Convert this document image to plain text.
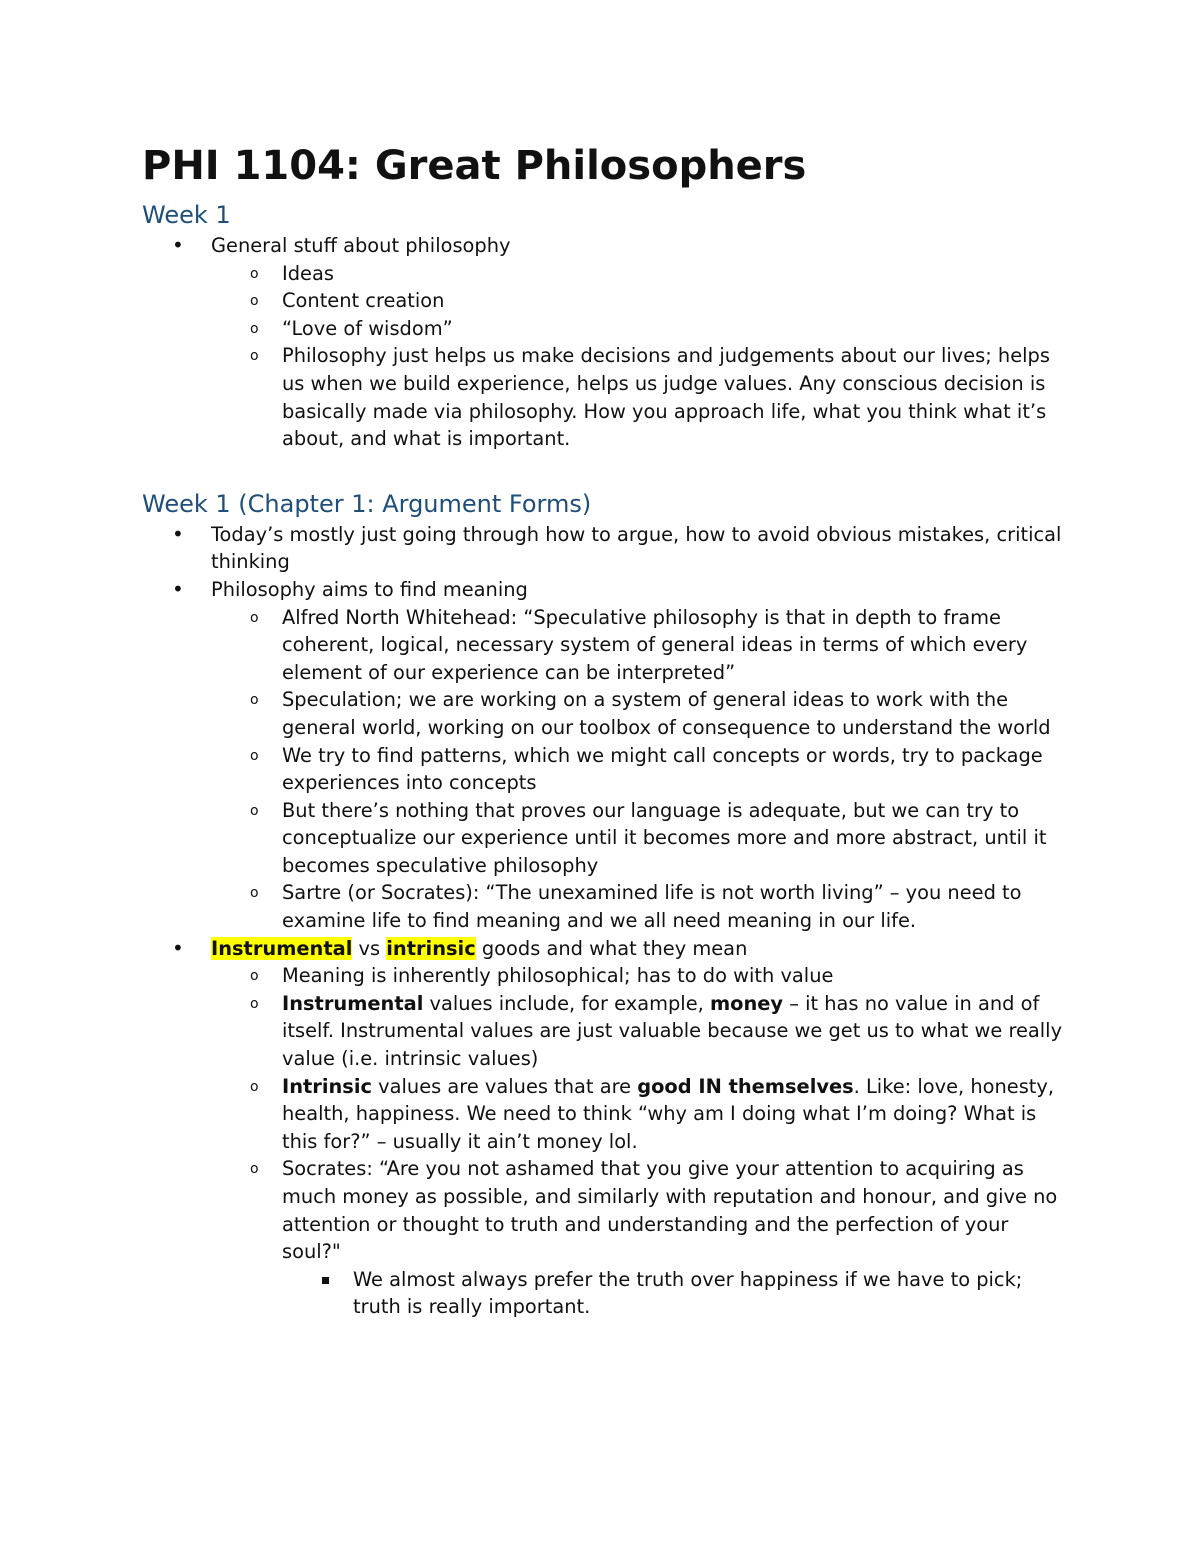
PHI 1104: Great Philosophers
Week 1
• General stuff about philosophy
o Ideas
o Content creation
o “Love of wisdom”
o Philosophy just helps us make decisions and judgements about our lives; helps us when we build experience, helps us judge values. Any conscious decision is basically made via philosophy. How you approach life, what you think what it’s about, and what is important.
Week 1 (Chapter 1: Argument Forms)
• Today’s mostly just going through how to argue, how to avoid obvious mistakes, critical thinking
• Philosophy aims to find meaning
o Alfred North Whitehead: “Speculative philosophy is that in depth to frame coherent, logical, necessary system of general ideas in terms of which every element of our experience can be interpreted”
o Speculation; we are working on a system of general ideas to work with the general world, working on our toolbox of consequence to understand the world
o We try to find patterns, which we might call concepts or words, try to package experiences into concepts
o But there’s nothing that proves our language is adequate, but we can try to conceptualize our experience until it becomes more and more abstract, until it becomes speculative philosophy
o Sartre (or Socrates): “The unexamined life is not worth living” – you need to examine life to find meaning and we all need meaning in our life.
• Instrumental vs intrinsic goods and what they mean
o Meaning is inherently philosophical; has to do with value
o Instrumental values include, for example, money – it has no value in and of itself. Instrumental values are just valuable because we get us to what we really value (i.e. intrinsic values)
o Intrinsic values are values that are good IN themselves. Like: love, honesty, health, happiness. We need to think “why am I doing what I’m doing? What is this for?” – usually it ain’t money lol.
o Socrates: “Are you not ashamed that you give your attention to acquiring as much money as possible, and similarly with reputation and honour, and give no attention or thought to truth and understanding and the perfection of your soul?"
We almost always prefer the truth over happiness if we have to pick; truth is really important.
